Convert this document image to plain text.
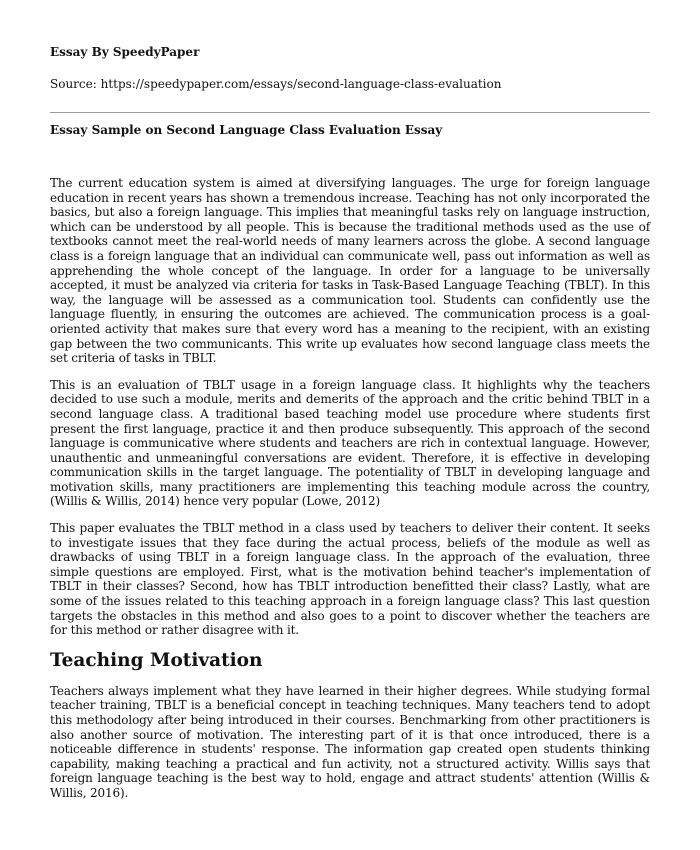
Essay By SpeedyPaper

Source: https://speedypaper.com/essays/second-language-class-evaluation

Essay Sample on Second Language Class Evaluation Essay

The current education system is aimed at diversifying languages. The urge for foreign language education in recent years has shown a tremendous increase. Teaching has not only incorporated the basics, but also a foreign language. This implies that meaningful tasks rely on language instruction, which can be understood by all people. This is because the traditional methods used as the use of textbooks cannot meet the real-world needs of many learners across the globe. A second language class is a foreign language that an individual can communicate well, pass out information as well as apprehending the whole concept of the language. In order for a language to be universally accepted, it must be analyzed via criteria for tasks in Task-Based Language Teaching (TBLT). In this way, the language will be assessed as a communication tool. Students can confidently use the language fluently, in ensuring the outcomes are achieved. The communication process is a goal-oriented activity that makes sure that every word has a meaning to the recipient, with an existing gap between the two communicants. This write up evaluates how second language class meets the set criteria of tasks in TBLT.

This is an evaluation of TBLT usage in a foreign language class. It highlights why the teachers decided to use such a module, merits and demerits of the approach and the critic behind TBLT in a second language class. A traditional based teaching model use procedure where students first present the first language, practice it and then produce subsequently. This approach of the second language is communicative where students and teachers are rich in contextual language. However, unauthentic and unmeaningful conversations are evident. Therefore, it is effective in developing communication skills in the target language. The potentiality of TBLT in developing language and motivation skills, many practitioners are implementing this teaching module across the country, (Willis & Willis, 2014) hence very popular (Lowe, 2012)

This paper evaluates the TBLT method in a class used by teachers to deliver their content. It seeks to investigate issues that they face during the actual process, beliefs of the module as well as drawbacks of using TBLT in a foreign language class. In the approach of the evaluation, three simple questions are employed. First, what is the motivation behind teacher's implementation of TBLT in their classes? Second, how has TBLT introduction benefitted their class? Lastly, what are some of the issues related to this teaching approach in a foreign language class? This last question targets the obstacles in this method and also goes to a point to discover whether the teachers are for this method or rather disagree with it.

Teaching Motivation

Teachers always implement what they have learned in their higher degrees. While studying formal teacher training, TBLT is a beneficial concept in teaching techniques. Many teachers tend to adopt this methodology after being introduced in their courses. Benchmarking from other practitioners is also another source of motivation. The interesting part of it is that once introduced, there is a noticeable difference in students' response. The information gap created open students thinking capability, making teaching a practical and fun activity, not a structured activity. Willis says that foreign language teaching is the best way to hold, engage and attract students' attention (Willis & Willis, 2016).
